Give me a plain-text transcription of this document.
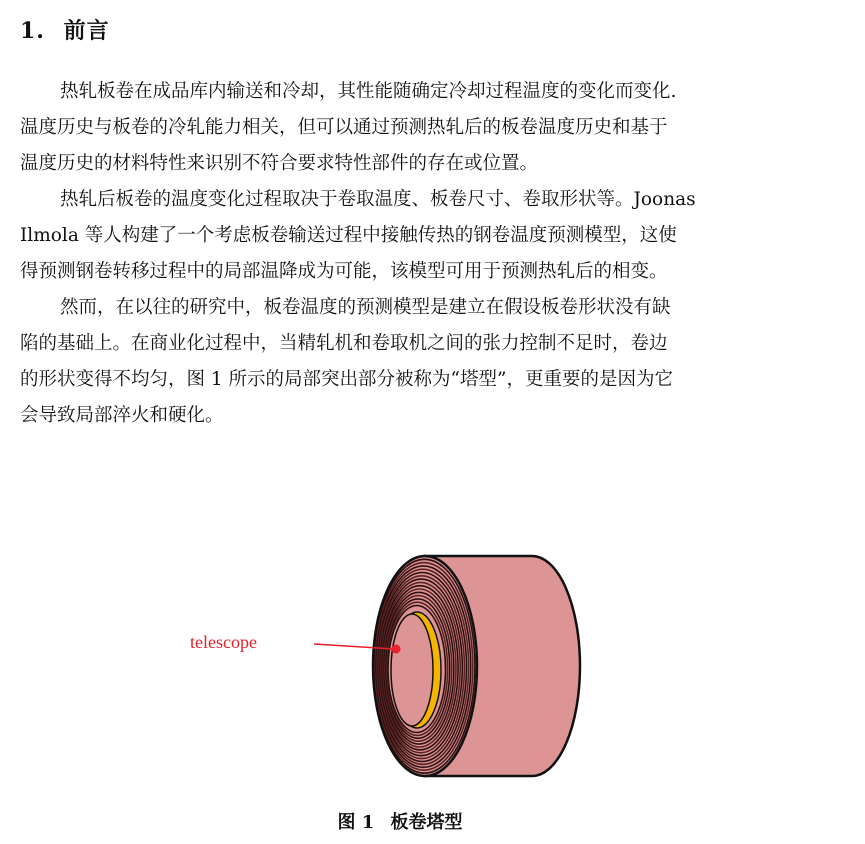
1. 前言
热轧板卷在成品库内输送和冷却，其性能随确定冷却过程温度的变化而变化.
温度历史与板卷的冷轧能力相关，但可以通过预测热轧后的板卷温度历史和基于
温度历史的材料特性来识别不符合要求特性部件的存在或位置。
热轧后板卷的温度变化过程取决于卷取温度、板卷尺寸、卷取形状等。Joonas
Ilmola 等人构建了一个考虑板卷输送过程中接触传热的钢卷温度预测模型，这使
得预测钢卷转移过程中的局部温降成为可能，该模型可用于预测热轧后的相变。
然而，在以往的研究中，板卷温度的预测模型是建立在假设板卷形状没有缺
陷的基础上。在商业化过程中，当精轧机和卷取机之间的张力控制不足时，卷边
的形状变得不均匀，图 1 所示的局部突出部分被称为“塔型”，更重要的是因为它
会导致局部淬火和硬化。
telescope
图 1 板卷塔型
